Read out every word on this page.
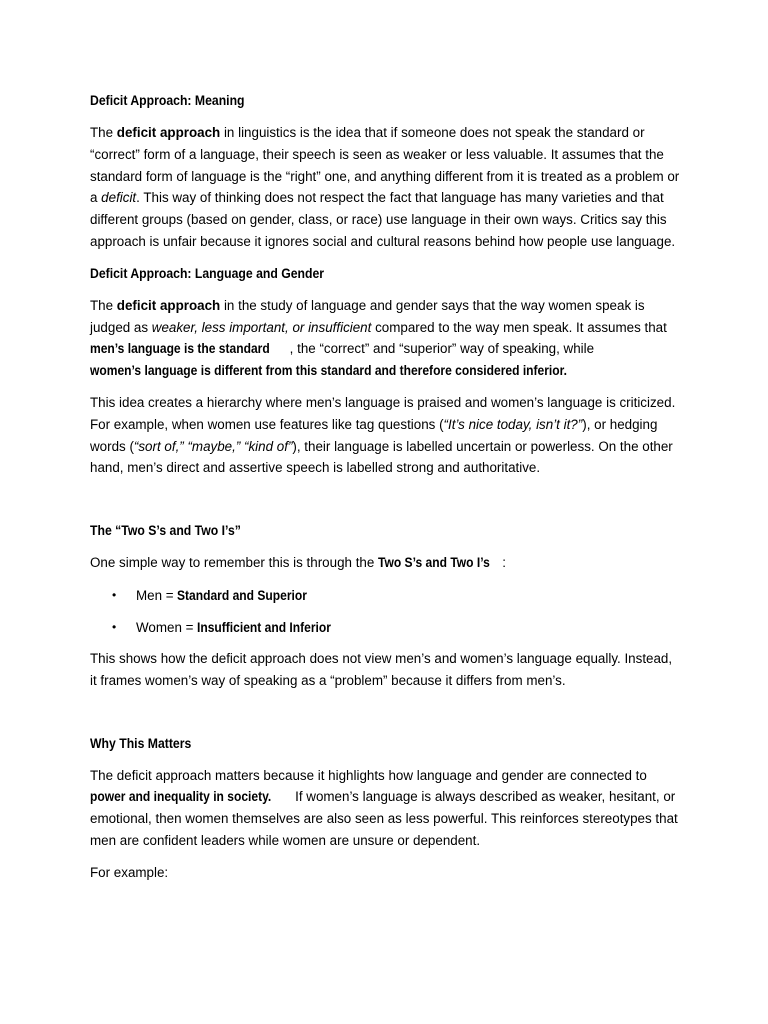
Deficit Approach: Meaning

The deficit approach in linguistics is the idea that if someone does not speak the standard or “correct” form of a language, their speech is seen as weaker or less valuable. It assumes that the standard form of language is the “right” one, and anything different from it is treated as a problem or a deficit. This way of thinking does not respect the fact that language has many varieties and that different groups (based on gender, class, or race) use language in their own ways. Critics say this approach is unfair because it ignores social and cultural reasons behind how people use language.

Deficit Approach: Language and Gender

The deficit approach in the study of language and gender says that the way women speak is judged as weaker, less important, or insufficient compared to the way men speak. It assumes that men’s language is the standard , the “correct” and “superior” way of speaking, while
women’s language is different from this standard and therefore considered inferior.

This idea creates a hierarchy where men’s language is praised and women’s language is criticized. For example, when women use features like tag questions (“It’s nice today, isn’t it?”), or hedging words (“sort of,” “maybe,” “kind of”), their language is labelled uncertain or powerless. On the other hand, men’s direct and assertive speech is labelled strong and authoritative.

The “Two S’s and Two I’s”

One simple way to remember this is through the Two S’s and Two I’s :

• Men = Standard and Superior
• Women = Insufficient and Inferior

This shows how the deficit approach does not view men’s and women’s language equally. Instead, it frames women’s way of speaking as a “problem” because it differs from men’s.

Why This Matters

The deficit approach matters because it highlights how language and gender are connected to power and inequality in society. If women’s language is always described as weaker, hesitant, or emotional, then women themselves are also seen as less powerful. This reinforces stereotypes that men are confident leaders while women are unsure or dependent.

For example:
